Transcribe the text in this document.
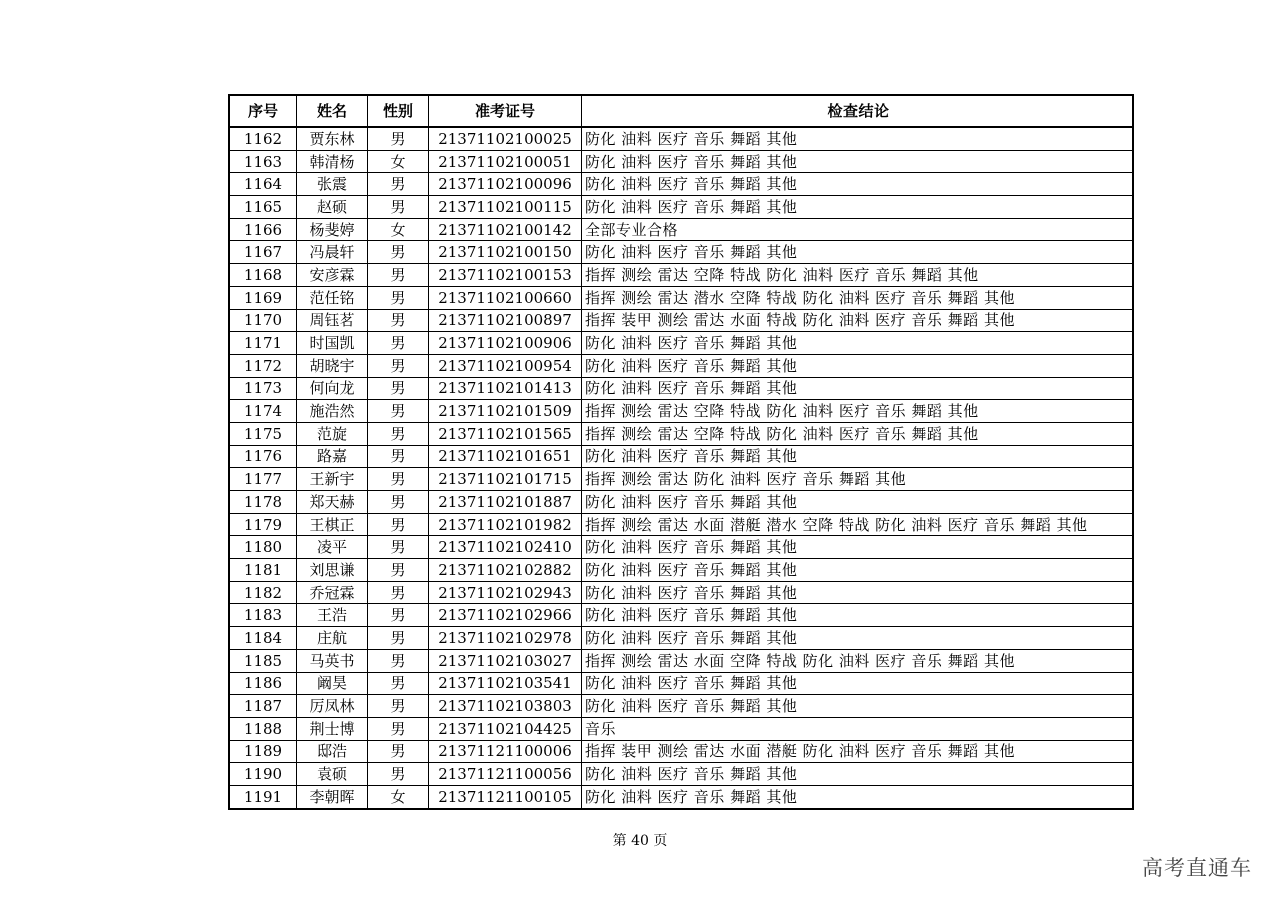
序号	姓名	性别	准考证号	检查结论
1162	贾东林	男	21371102100025	防化 油料 医疗 音乐 舞蹈 其他
1163	韩清杨	女	21371102100051	防化 油料 医疗 音乐 舞蹈 其他
1164	张震	男	21371102100096	防化 油料 医疗 音乐 舞蹈 其他
1165	赵硕	男	21371102100115	防化 油料 医疗 音乐 舞蹈 其他
1166	杨斐婷	女	21371102100142	全部专业合格
1167	冯晨轩	男	21371102100150	防化 油料 医疗 音乐 舞蹈 其他
1168	安彦霖	男	21371102100153	指挥 测绘 雷达 空降 特战 防化 油料 医疗 音乐 舞蹈 其他
1169	范任铭	男	21371102100660	指挥 测绘 雷达 潜水 空降 特战 防化 油料 医疗 音乐 舞蹈 其他
1170	周钰茗	男	21371102100897	指挥 装甲 测绘 雷达 水面 特战 防化 油料 医疗 音乐 舞蹈 其他
1171	时国凯	男	21371102100906	防化 油料 医疗 音乐 舞蹈 其他
1172	胡晓宇	男	21371102100954	防化 油料 医疗 音乐 舞蹈 其他
1173	何向龙	男	21371102101413	防化 油料 医疗 音乐 舞蹈 其他
1174	施浩然	男	21371102101509	指挥 测绘 雷达 空降 特战 防化 油料 医疗 音乐 舞蹈 其他
1175	范旋	男	21371102101565	指挥 测绘 雷达 空降 特战 防化 油料 医疗 音乐 舞蹈 其他
1176	路嘉	男	21371102101651	防化 油料 医疗 音乐 舞蹈 其他
1177	王新宇	男	21371102101715	指挥 测绘 雷达 防化 油料 医疗 音乐 舞蹈 其他
1178	郑天赫	男	21371102101887	防化 油料 医疗 音乐 舞蹈 其他
1179	王棋正	男	21371102101982	指挥 测绘 雷达 水面 潜艇 潜水 空降 特战 防化 油料 医疗 音乐 舞蹈 其他
1180	凌平	男	21371102102410	防化 油料 医疗 音乐 舞蹈 其他
1181	刘思谦	男	21371102102882	防化 油料 医疗 音乐 舞蹈 其他
1182	乔冠霖	男	21371102102943	防化 油料 医疗 音乐 舞蹈 其他
1183	王浩	男	21371102102966	防化 油料 医疗 音乐 舞蹈 其他
1184	庄航	男	21371102102978	防化 油料 医疗 音乐 舞蹈 其他
1185	马英书	男	21371102103027	指挥 测绘 雷达 水面 空降 特战 防化 油料 医疗 音乐 舞蹈 其他
1186	阚昊	男	21371102103541	防化 油料 医疗 音乐 舞蹈 其他
1187	厉凤林	男	21371102103803	防化 油料 医疗 音乐 舞蹈 其他
1188	荆士博	男	21371102104425	音乐
1189	邸浩	男	21371121100006	指挥 装甲 测绘 雷达 水面 潜艇 防化 油料 医疗 音乐 舞蹈 其他
1190	袁硕	男	21371121100056	防化 油料 医疗 音乐 舞蹈 其他
1191	李朝晖	女	21371121100105	防化 油料 医疗 音乐 舞蹈 其他
第 40 页
高考直通车
